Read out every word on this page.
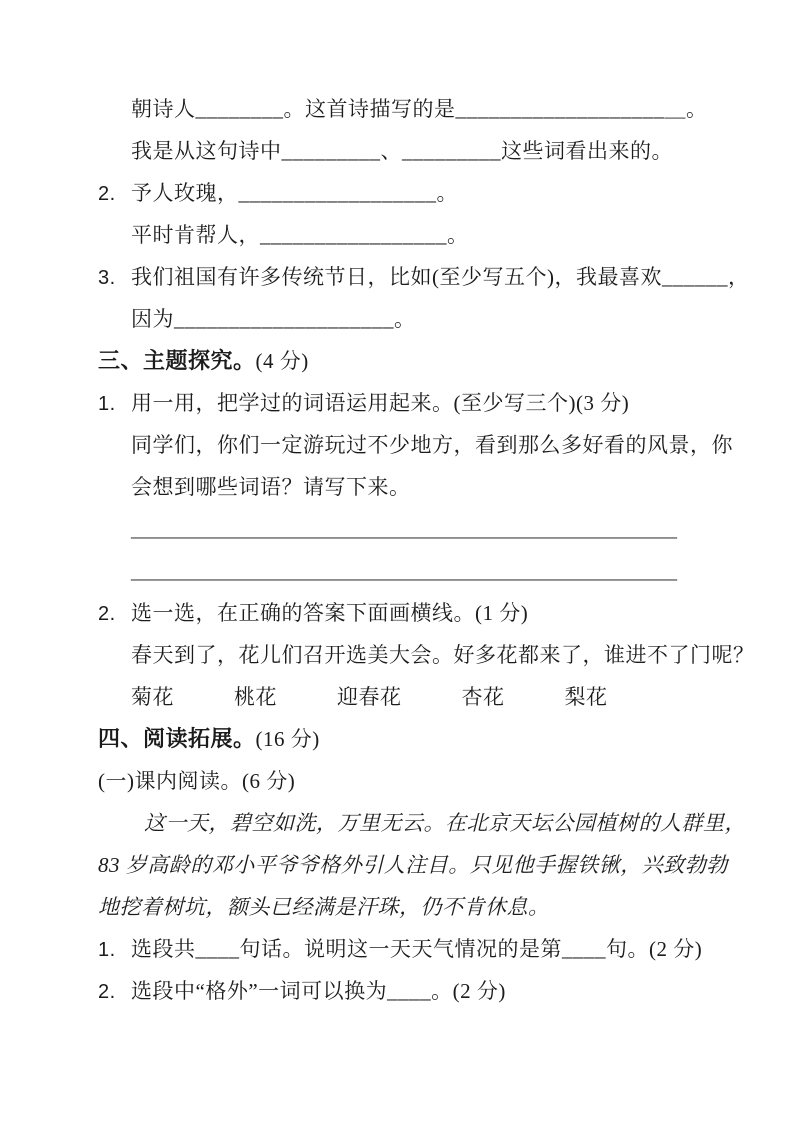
朝诗人________。这首诗描写的是___________________＿。
我是从这句诗中_________、_________这些词看出来的。
2. 予人玫瑰，__________________。
平时肯帮人，_________________。
3. 我们祖国有许多传统节日，比如(至少写五个)，我最喜欢______，
因为____________________。
三、主题探究。(4 分)
1. 用一用，把学过的词语运用起来。(至少写三个)(3 分)
同学们，你们一定游玩过不少地方，看到那么多好看的风景，你
会想到哪些词语？请写下来。
____________________________________________________
____________________________________________________
2. 选一选，在正确的答案下面画横线。(1 分)
春天到了，花儿们召开选美大会。好多花都来了，谁进不了门呢？
菊花	桃花	迎春花	杏花	梨花
四、阅读拓展。(16 分)
(一)课内阅读。(6 分)
这一天，碧空如洗，万里无云。在北京天坛公园植树的人群里，
83 岁高龄的邓小平爷爷格外引人注目。只见他手握铁锹，兴致勃勃
地挖着树坑，额头已经满是汗珠，仍不肯休息。
1. 选段共____句话。说明这一天天气情况的是第____句。(2 分)
2. 选段中“格外”一词可以换为____。(2 分)
